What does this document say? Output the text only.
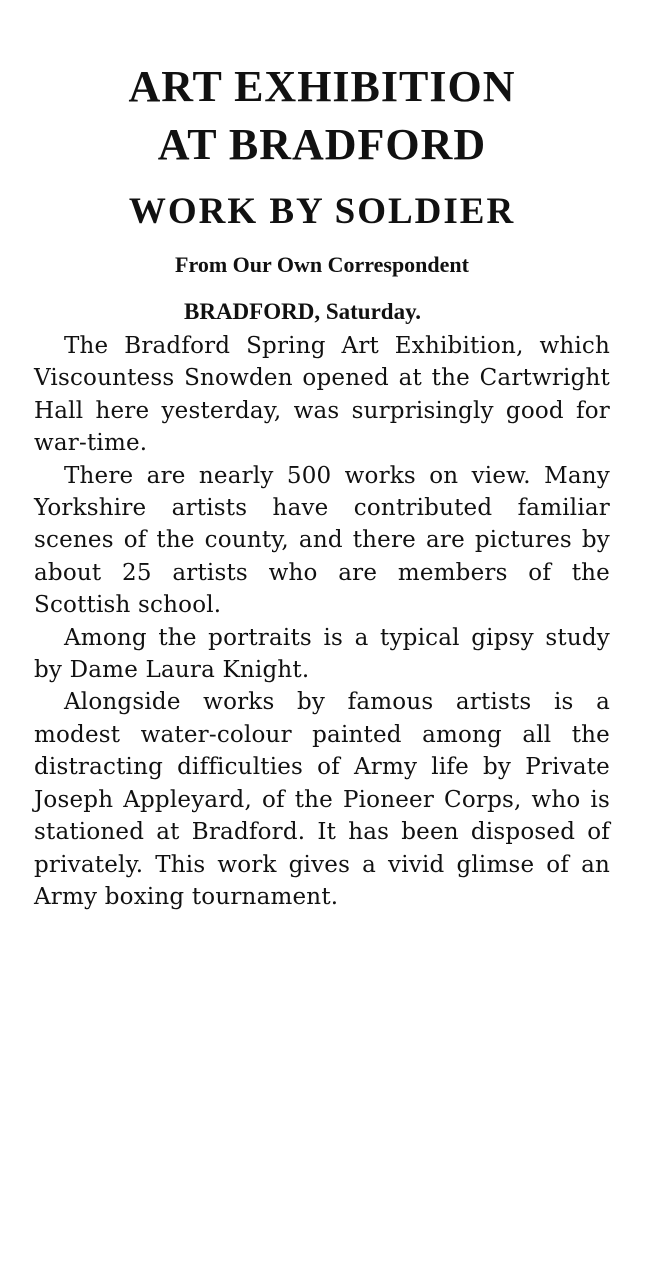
ART EXHIBITION
AT BRADFORD
WORK BY SOLDIER
From Our Own Correspondent
BRADFORD, Saturday.

The Bradford Spring Art Exhibition, which Viscountess Snowden opened at the Cartwright Hall here yesterday, was surprisingly good for war-time.

There are nearly 500 works on view. Many Yorkshire artists have contributed familiar scenes of the county, and there are pictures by about 25 artists who are members of the Scottish school.

Among the portraits is a typical gipsy study by Dame Laura Knight.

Alongside works by famous artists is a modest water-colour painted among all the distracting difficulties of Army life by Private Joseph Appleyard, of the Pioneer Corps, who is stationed at Bradford. It has been disposed of privately. This work gives a vivid glimse of an Army boxing tournament.
